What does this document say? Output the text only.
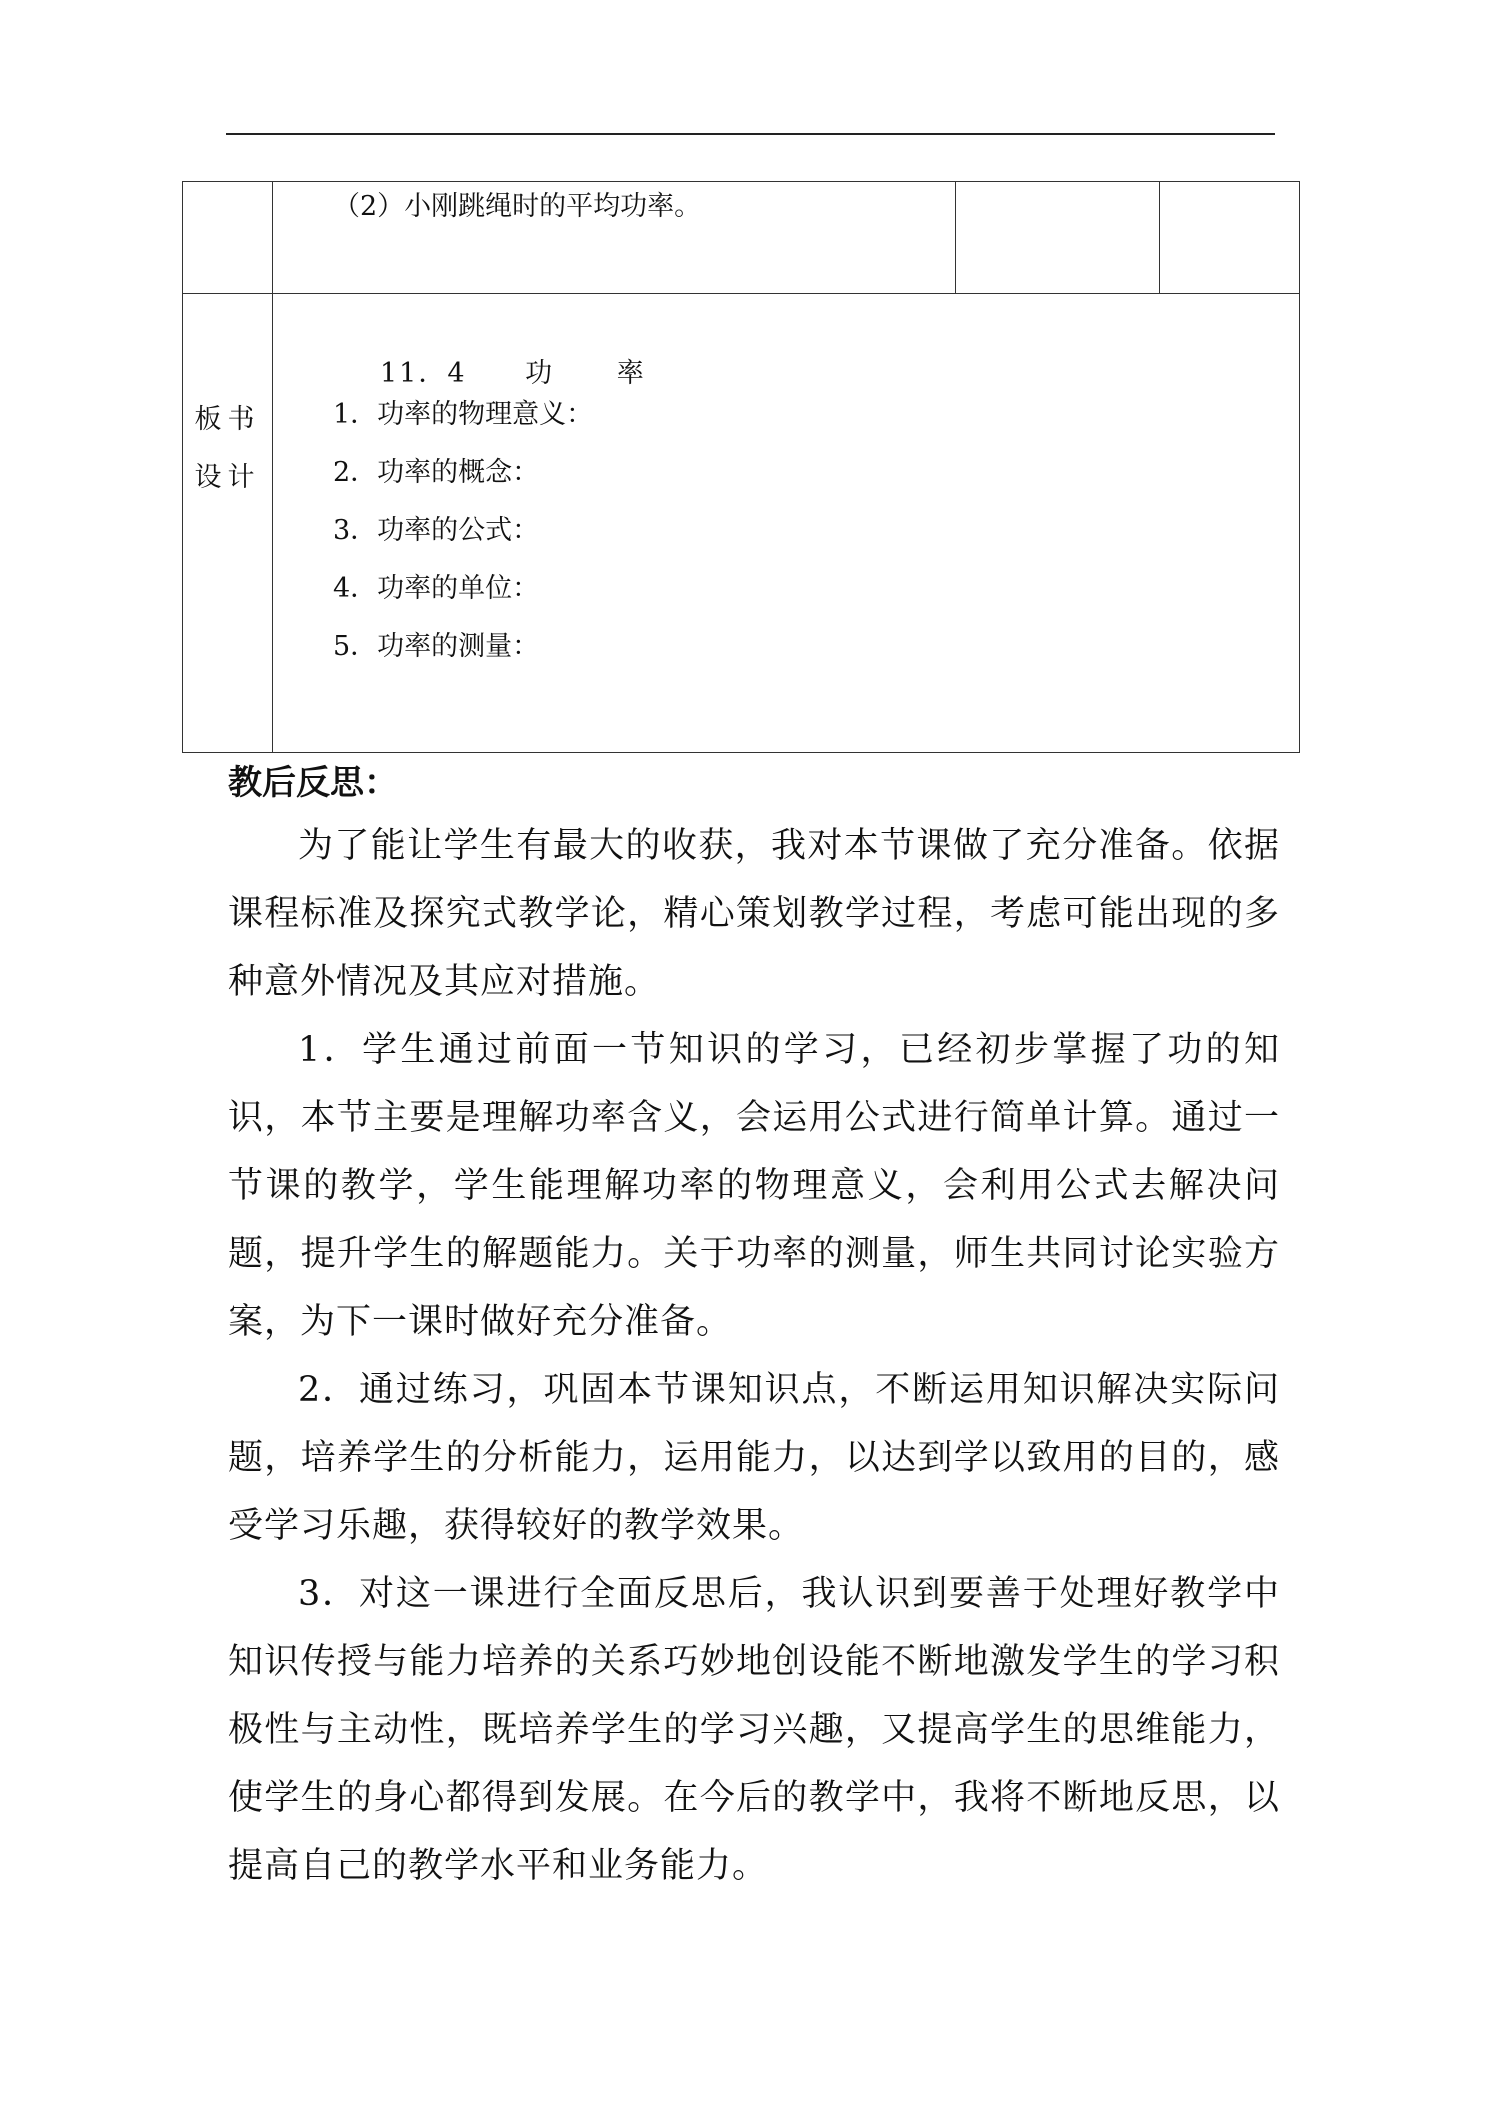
（2）小刚跳绳时的平均功率。
板书
设计
11．4 功 率
1．功率的物理意义：
2．功率的概念：
3．功率的公式：
4．功率的单位：
5．功率的测量：
教后反思：

为了能让学生有最大的收获，我对本节课做了充分准备。依据课程标准及探究式教学论，精心策划教学过程，考虑可能出现的多种意外情况及其应对措施。

1．学生通过前面一节知识的学习，已经初步掌握了功的知识，本节主要是理解功率含义，会运用公式进行简单计算。通过一节课的教学，学生能理解功率的物理意义，会利用公式去解决问题，提升学生的解题能力。关于功率的测量，师生共同讨论实验方案，为下一课时做好充分准备。

2．通过练习，巩固本节课知识点，不断运用知识解决实际问题，培养学生的分析能力，运用能力，以达到学以致用的目的，感受学习乐趣，获得较好的教学效果。

3．对这一课进行全面反思后，我认识到要善于处理好教学中知识传授与能力培养的关系巧妙地创设能不断地激发学生的学习积极性与主动性，既培养学生的学习兴趣，又提高学生的思维能力，使学生的身心都得到发展。在今后的教学中，我将不断地反思，以提高自己的教学水平和业务能力。
